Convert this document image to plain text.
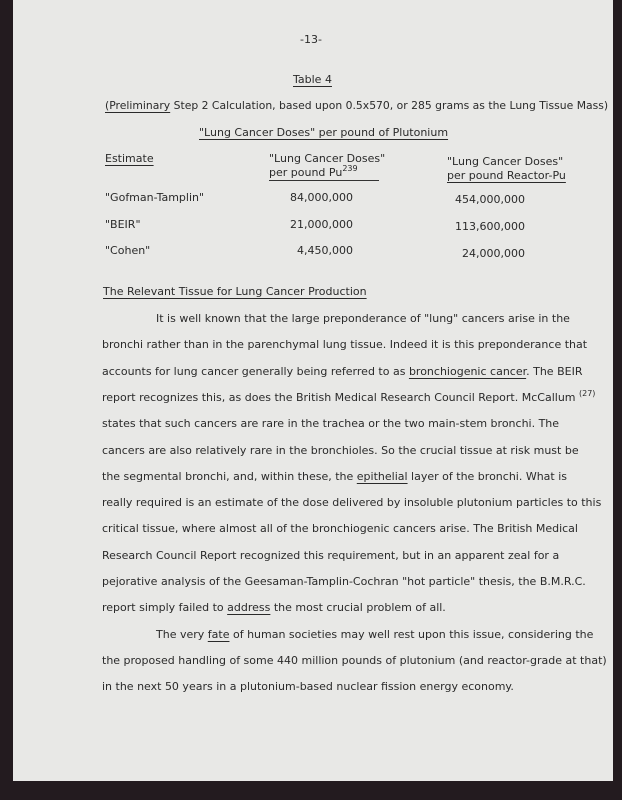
-13-
Table 4
(Preliminary Step 2 Calculation, based upon 0.5x570, or 285 grams as the Lung Tissue Mass)
"Lung Cancer Doses" per pound of Plutonium
Estimate	"Lung Cancer Doses"
per pound Pu$^{239}$
"Lung Cancer Doses"
per pound Reactor-Pu
"Gofman-Tamplin"	84,000,000	454,000,000
"BEIR"	21,000,000	113,600,000
"Cohen"	4,450,000	24,000,000
The Relevant Tissue for Lung Cancer Production
It is well known that the large preponderance of "lung" cancers arise in the
bronchi rather than in the parenchymal lung tissue. Indeed it is this preponderance that
accounts for lung cancer generally being referred to as bronchiogenic cancer. The BEIR
report recognizes this, as does the British Medical Research Council Report. McCallum $^{(27)}$
states that such cancers are rare in the trachea or the two main-stem bronchi. The
cancers are also relatively rare in the bronchioles. So the crucial tissue at risk must be
the segmental bronchi, and, within these, the epithelial layer of the bronchi. What is
really required is an estimate of the dose delivered by insoluble plutonium particles to this
critical tissue, where almost all of the bronchiogenic cancers arise. The British Medical
Research Council Report recognized this requirement, but in an apparent zeal for a
pejorative analysis of the Geesaman-Tamplin-Cochran "hot particle" thesis, the B.M.R.C.
report simply failed to address the most crucial problem of all.
The very fate of human societies may well rest upon this issue, considering the
the proposed handling of some 440 million pounds of plutonium (and reactor-grade at that)
in the next 50 years in a plutonium-based nuclear fission energy economy.
